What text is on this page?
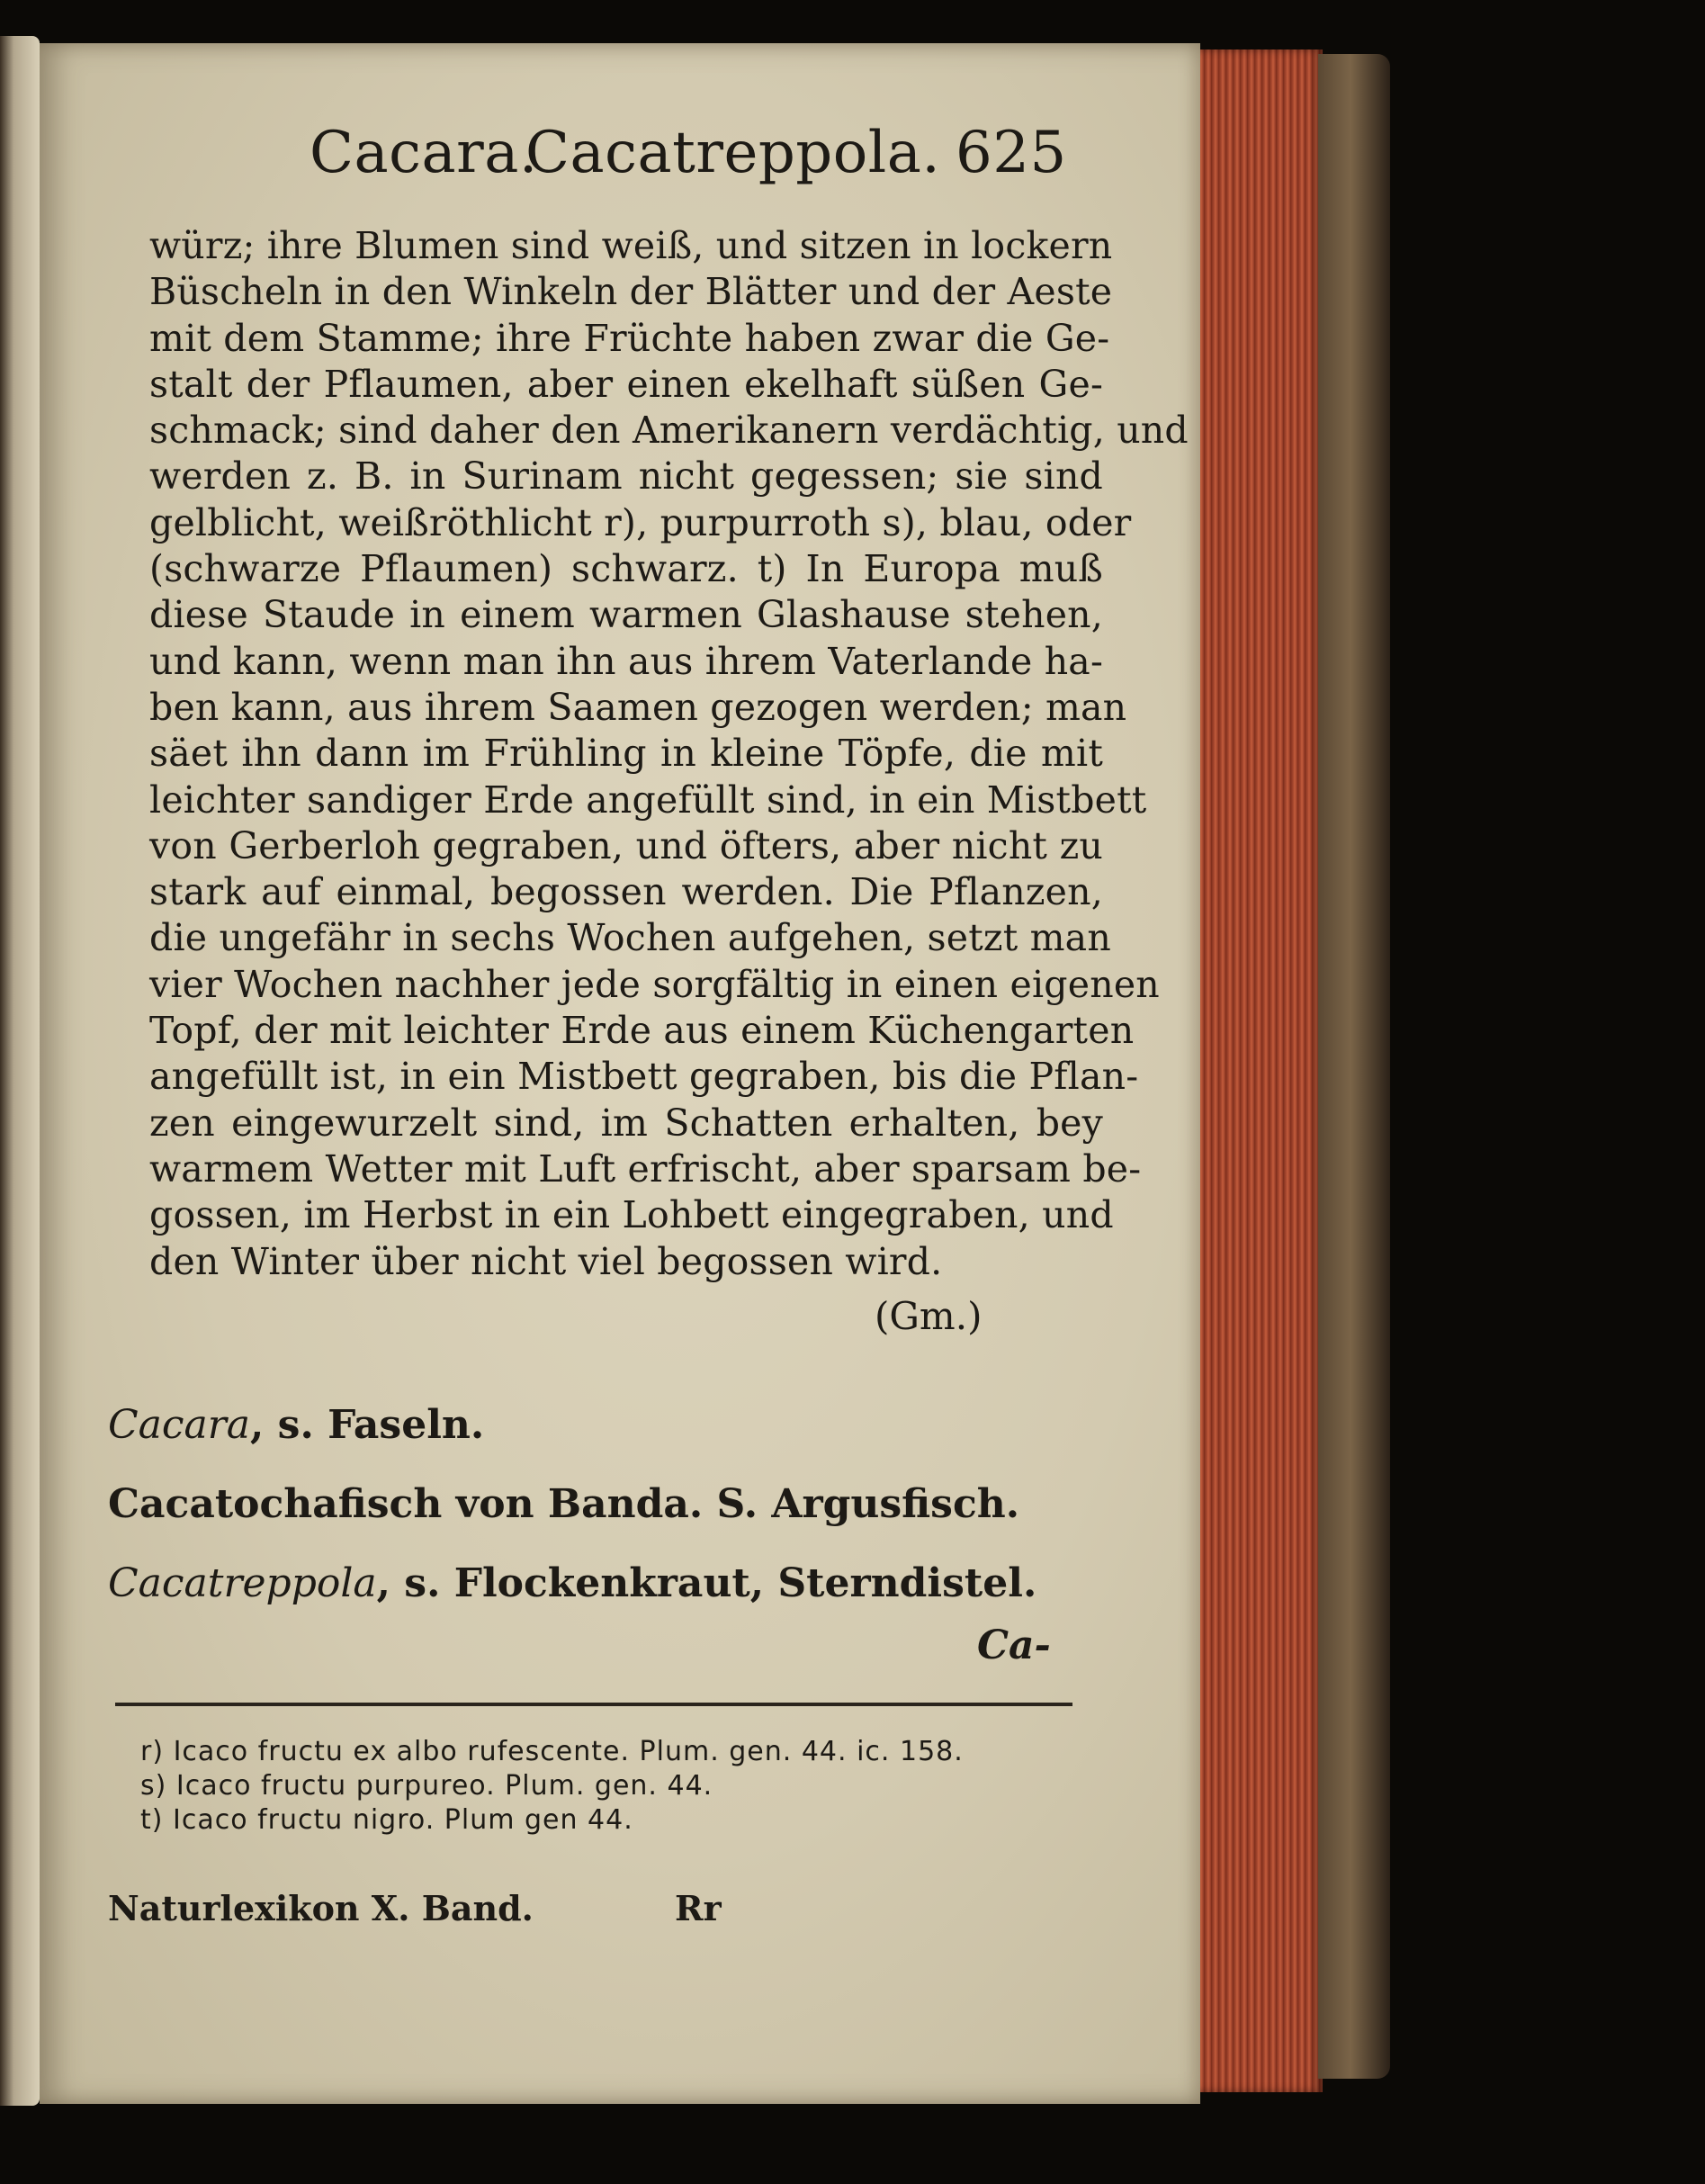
Cacara.
Cacatreppola. 625
würz; ihre Blumen sind weiß, und sitzen in lockern
Büscheln in den Winkeln der Blätter und der Aeste
mit dem Stamme; ihre Früchte haben zwar die Ge-
stalt der Pflaumen, aber einen ekelhaft süßen Ge-
schmack; sind daher den Amerikanern verdächtig, und
werden z. B. in Surinam nicht gegessen; sie sind
gelblicht, weißröthlicht r), purpurroth s), blau, oder
(schwarze Pflaumen) schwarz. t) In Europa muß
diese Staude in einem warmen Glashause stehen,
und kann, wenn man ihn aus ihrem Vaterlande ha-
ben kann, aus ihrem Saamen gezogen werden; man
säet ihn dann im Frühling in kleine Töpfe, die mit
leichter sandiger Erde angefüllt sind, in ein Mistbett
von Gerberloh gegraben, und öfters, aber nicht zu
stark auf einmal, begossen werden. Die Pflanzen,
die ungefähr in sechs Wochen aufgehen, setzt man
vier Wochen nachher jede sorgfältig in einen eigenen
Topf, der mit leichter Erde aus einem Küchengarten
angefüllt ist, in ein Mistbett gegraben, bis die Pflan-
zen eingewurzelt sind, im Schatten erhalten, bey
warmem Wetter mit Luft erfrischt, aber sparsam be-
gossen, im Herbst in ein Lohbett eingegraben, und
den Winter über nicht viel begossen wird.
(Gm.)
Cacara, s. Faseln.
Cacatochafisch von Banda. S. Argusfisch.
Cacatreppola, s. Flockenkraut, Sterndistel.
Ca-
r) Icaco fructu ex albo rufescente. Plum. gen. 44. ic. 158.
s) Icaco fructu purpureo. Plum. gen. 44.
t) Icaco fructu nigro. Plum gen 44.
Naturlexikon X. Band.	Rr
